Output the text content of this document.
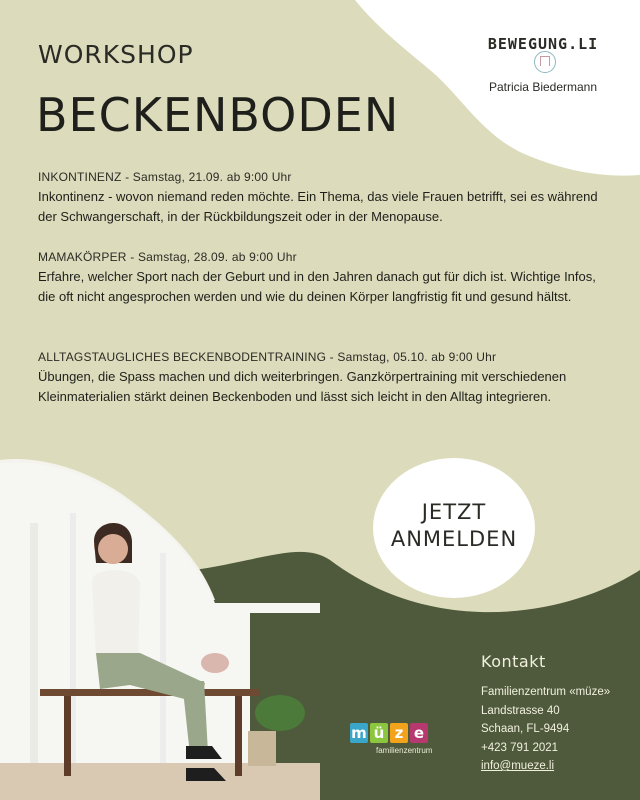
WORKSHOP
BECKENBODEN
BEWEGUNG.LI
Patricia Biedermann
INKONTINENZ - Samstag, 21.09. ab 9:00 Uhr
Inkontinenz - wovon niemand reden möchte. Ein Thema, das viele Frauen betrifft, sei es während der Schwangerschaft, in der Rückbildungszeit oder in der Menopause.
MAMAKÖRPER - Samstag, 28.09. ab 9:00 Uhr
Erfahre, welcher Sport nach der Geburt und in den Jahren danach gut für dich ist. Wichtige Infos, die oft nicht angesprochen werden und wie du deinen Körper langfristig fit und gesund hältst.
ALLTAGSTAUGLICHES BECKENBODENTRAINING - Samstag, 05.10. ab 9:00 Uhr
Übungen, die Spass machen und dich weiterbringen. Ganzkörpertraining mit verschiedenen Kleinmaterialien stärkt deinen Beckenboden und lässt sich leicht in den Alltag integrieren.
JETZT
ANMELDEN
m ü z e
familienzentrum
Kontakt
Familienzentrum «müze»
Landstrasse 40
Schaan, FL-9494
+423 791 2021
info@mueze.li
